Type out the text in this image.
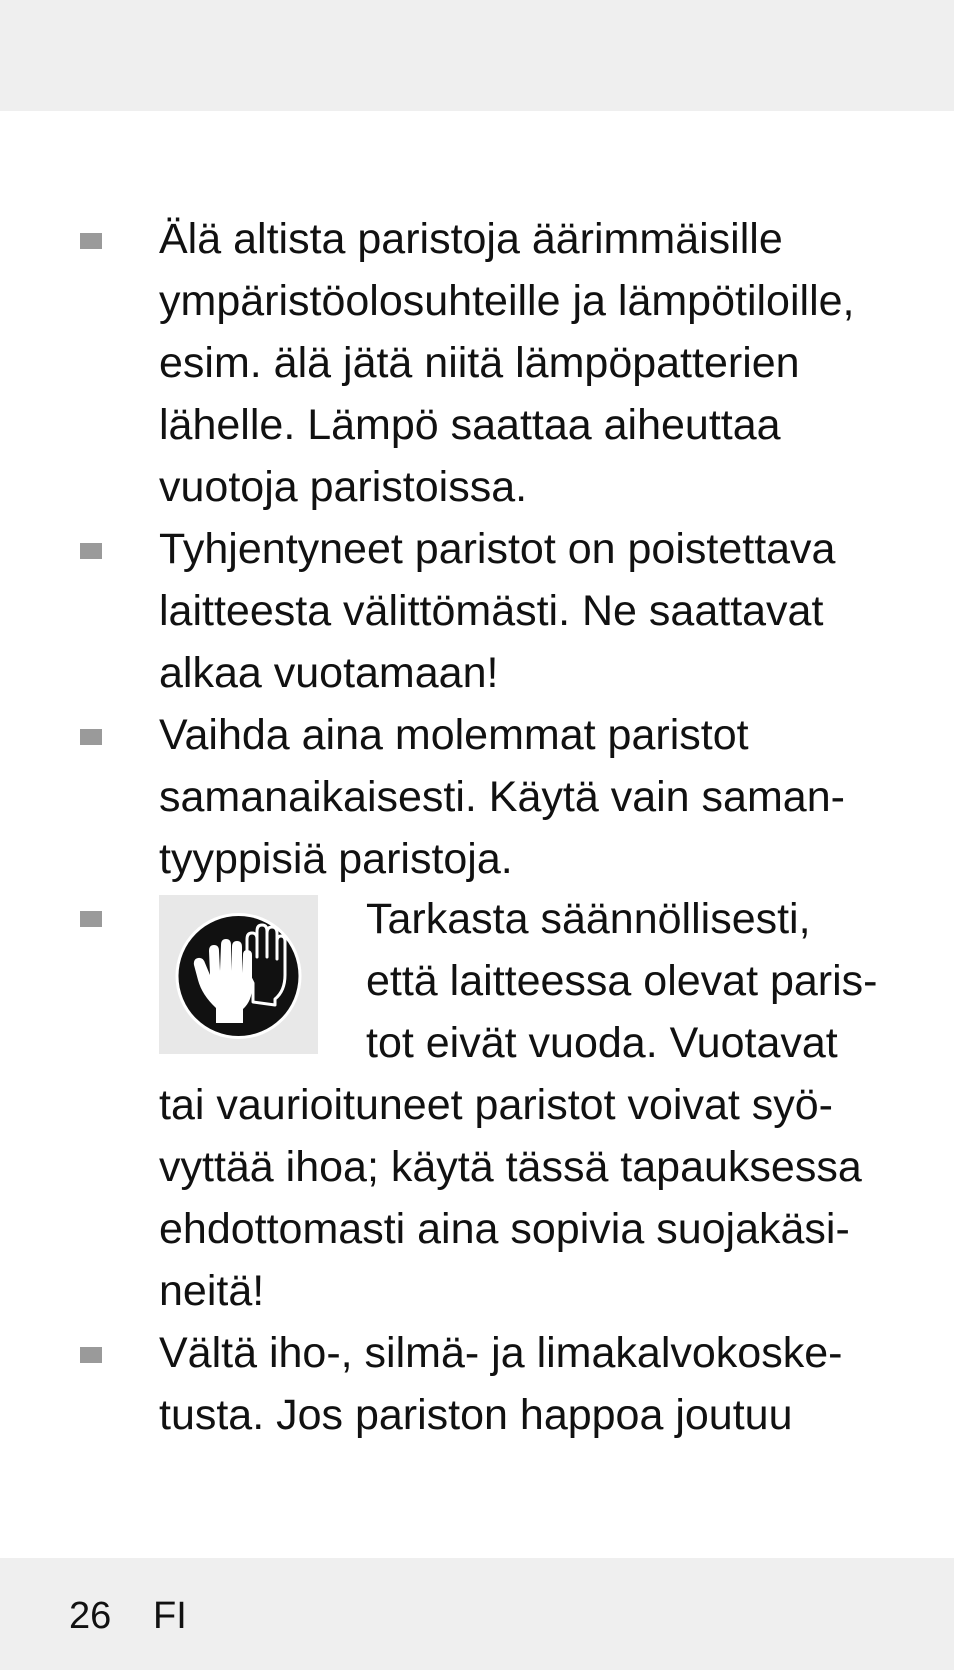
Älä altista paristoja äärimmäisille
ympäristöolosuhteille ja lämpötiloille,
esim. älä jätä niitä lämpöpatterien
lähelle. Lämpö saattaa aiheuttaa
vuotoja paristoissa.
Tyhjentyneet paristot on poistettava
laitteesta välittömästi. Ne saattavat
alkaa vuotamaan!
Vaihda aina molemmat paristot
samanaikaisesti. Käytä vain saman-
tyyppisiä paristoja.
Tarkasta säännöllisesti,
että laitteessa olevat paris-
tot eivät vuoda. Vuotavat
tai vaurioituneet paristot voivat syö-
vyttää ihoa; käytä tässä tapauksessa
ehdottomasti aina sopivia suojakäsi-
neitä!
Vältä iho-, silmä- ja limakalvokoske-
tusta. Jos pariston happoa joutuu
26 FI
